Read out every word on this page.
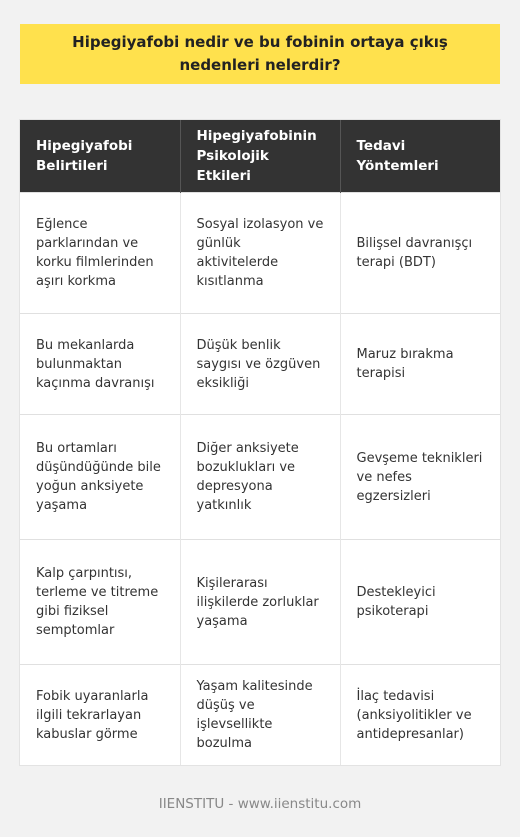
Hipegiyafobi nedir ve bu fobinin ortaya çıkış nedenleri nelerdir?
Hipegiyafobi Belirtileri	Hipegiyafobinin Psikolojik Etkileri	Tedavi Yöntemleri
Eğlence parklarından ve korku filmlerinden aşırı korkma	Sosyal izolasyon ve günlük aktivitelerde kısıtlanma	Bilişsel davranışçı terapi (BDT)
Bu mekanlarda bulunmaktan kaçınma davranışı	Düşük benlik saygısı ve özgüven eksikliği	Maruz bırakma terapisi
Bu ortamları düşündüğünde bile yoğun anksiyete yaşama	Diğer anksiyete bozuklukları ve depresyona yatkınlık	Gevşeme teknikleri ve nefes egzersizleri
Kalp çarpıntısı, terleme ve titreme gibi fiziksel semptomlar	Kişilerarası ilişkilerde zorluklar yaşama	Destekleyici psikoterapi
Fobik uyaranlarla ilgili tekrarlayan kabuslar görme	Yaşam kalitesinde düşüş ve işlevsellikte bozulma	İlaç tedavisi (anksiyolitikler ve antidepresanlar)
IIENSTITU - www.iienstitu.com
